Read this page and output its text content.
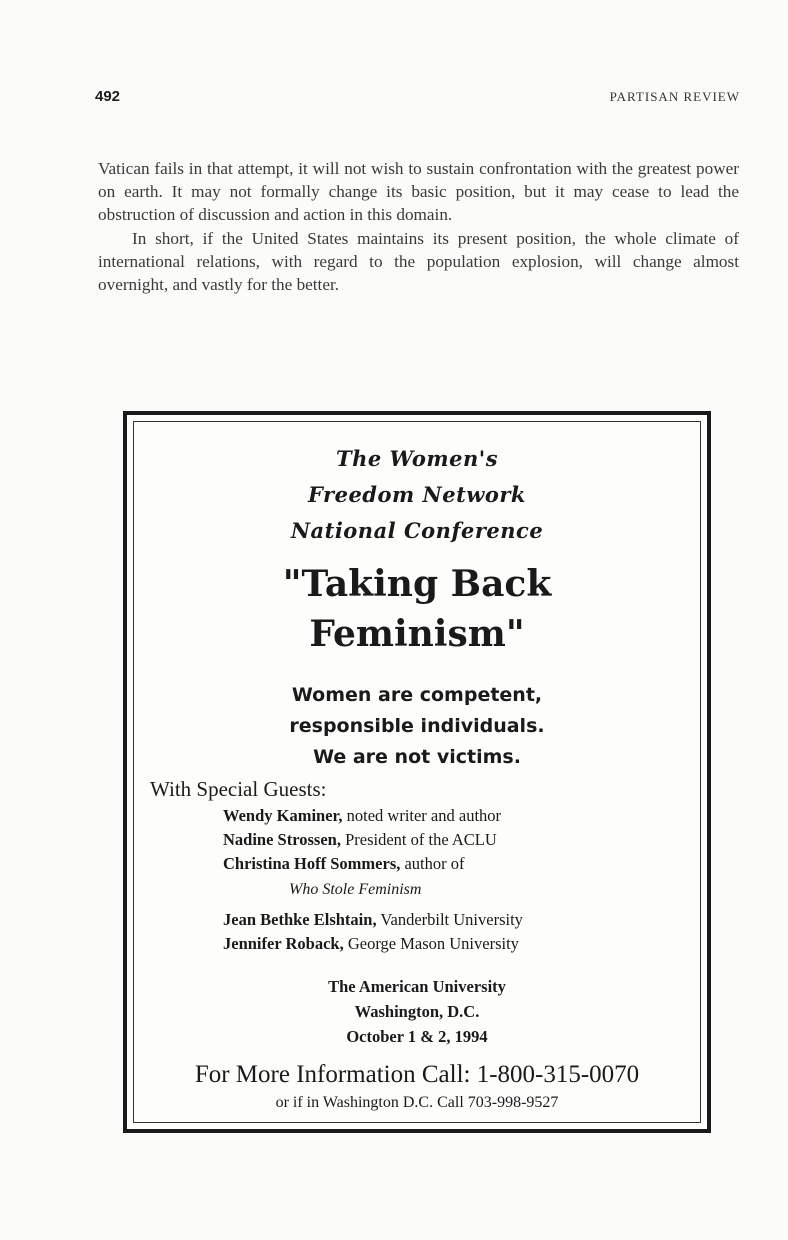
492	PARTISAN REVIEW

Vatican fails in that attempt, it will not wish to sustain confrontation with the greatest power on earth. It may not formally change its basic position, but it may cease to lead the obstruction of discussion and action in this domain.

In short, if the United States maintains its present position, the whole climate of international relations, with regard to the population explosion, will change almost overnight, and vastly for the better.

The Women's
Freedom Network
National Conference
"Taking Back
Feminism"
Women are competent,
responsible individuals.
We are not victims.
With Special Guests:
Wendy Kaminer, noted writer and author
Nadine Strossen, President of the ACLU
Christina Hoff Sommers, author of
Who Stole Feminism
Jean Bethke Elshtain, Vanderbilt University
Jennifer Roback, George Mason University
The American University
Washington, D.C.
October 1 & 2, 1994
For More Information Call: 1-800-315-0070
or if in Washington D.C. Call 703-998-9527
